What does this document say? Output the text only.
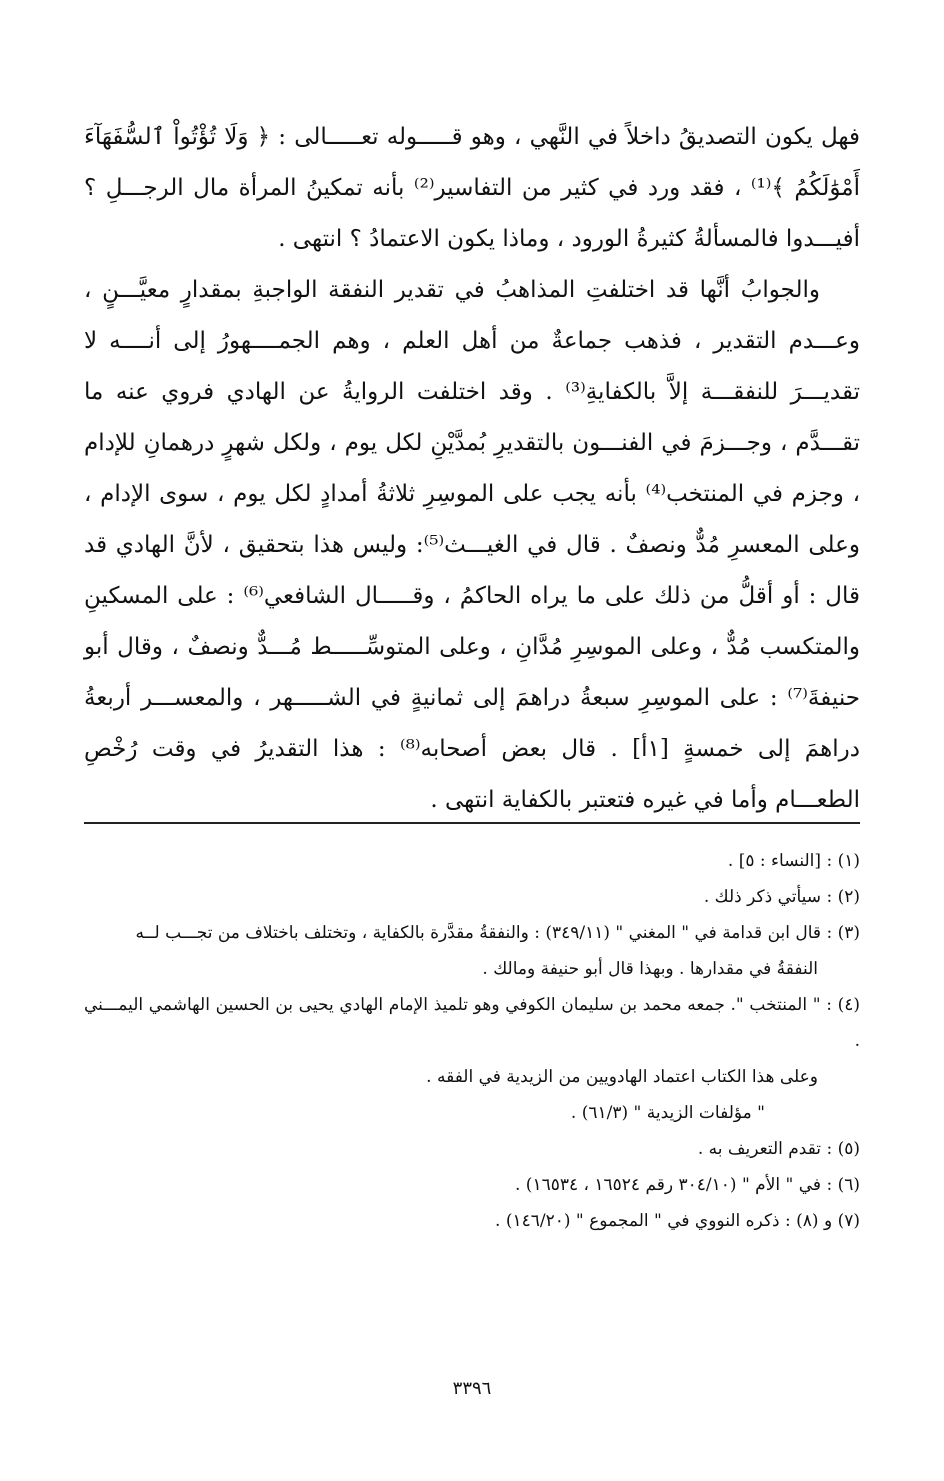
فهل يكون التصديقُ داخلاً في النَّهي ، وهو قـــــوله تعـــــالى : ﴿ وَلَا تُؤْتُواْ ٱلسُّفَهَآءَ أَمْوَٰلَكُمُ ﴾⁽¹⁾ ، فقد ورد في كثير من التفاسير⁽²⁾ بأنه تمكينُ المرأة مال الرجـــلِ ؟ أفيـــدوا فالمسألةُ كثيرةُ الورود ، وماذا يكون الاعتمادُ ؟ انتهى .

والجوابُ أنَّها قد اختلفتِ المذاهبُ في تقدير النفقة الواجبةِ بمقدارٍ معيَّـــنٍ ، وعـــدم التقدير ، فذهب جماعةٌ من أهل العلم ، وهم الجمــــهورُ إلى أنــــه لا تقديـــرَ للنفقـــة إلاَّ بالكفايةِ⁽³⁾ . وقد اختلفت الروايةُ عن الهادي فروي عنه ما تقـــدَّم ، وجـــزمَ في الفنـــون بالتقديرِ بُمدَّيْنِ لكل يوم ، ولكل شهرٍ درهمانِ للإدام ، وجزم في المنتخب⁽⁴⁾ بأنه يجب على الموسِرِ ثلاثةُ أمدادٍ لكل يوم ، سوى الإدام ، وعلى المعسرِ مُدٌّ ونصفٌ . قال في الغيـــث⁽⁵⁾: وليس هذا بتحقيق ، لأنَّ الهادي قد قال : أو أقلُّ من ذلك على ما يراه الحاكمُ ، وقـــــال الشافعي⁽⁶⁾ : على المسكينِ والمتكسب مُدٌّ ، وعلى الموسِرِ مُدَّانِ ، وعلى المتوسِّـــــط مُـــدٌّ ونصفٌ ، وقال أبو حنيفةَ⁽⁷⁾ : على الموسِرِ سبعةُ دراهمَ إلى ثمانيةٍ في الشـــــهر ، والمعســـر أربعةُ دراهمَ إلى خمسةٍ [١أ] . قال بعض أصحابه⁽⁸⁾ : هذا التقديرُ في وقت رُخْصِ الطعـــام وأما في غيره فتعتبر بالكفاية انتهى .

(١) : [النساء : ٥] .

(٢) : سيأتي ذكر ذلك .

(٣) : قال ابن قدامة في " المغني " (٣٤٩/١١) : والنفقةُ مقدَّرة بالكفاية ، وتختلف باختلاف من تجـــب لــه
النفقةُ في مقدارها . وبهذا قال أبو حنيفة ومالك .

(٤) : " المنتخب ". جمعه محمد بن سليمان الكوفي وهو تلميذ الإمام الهادي يحيى بن الحسين الهاشمي اليمـــني .
وعلى هذا الكتاب اعتماد الهادويين من الزيدية في الفقه .
" مؤلفات الزيدية " (٦١/٣) .

(٥) : تقدم التعريف به .

(٦) : في " الأم " (٣٠٤/١٠ رقم ١٦٥٢٤ ، ١٦٥٣٤) .

(٧) و (٨) : ذكره النووي في " المجموع " (١٤٦/٢٠) .

٣٣٩٦
